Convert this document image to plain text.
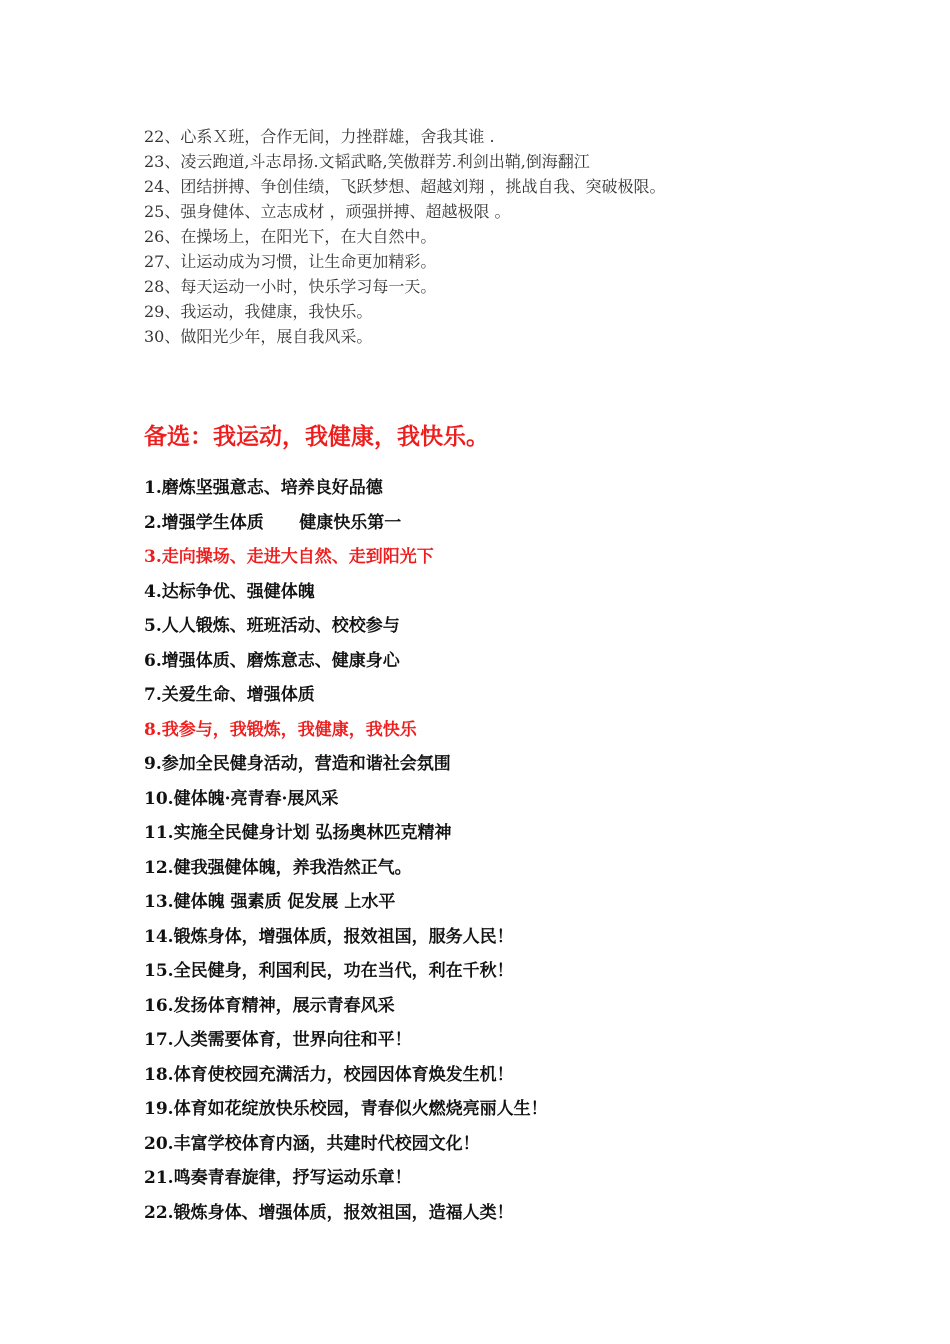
22、心系Ｘ班，合作无间，力挫群雄，舍我其谁 .
23、凌云跑道,斗志昂扬.文韬武略,笑傲群芳.利剑出鞘,倒海翻江
24、团结拼搏、争创佳绩，飞跃梦想、超越刘翔 ，挑战自我、突破极限。
25、强身健体、立志成材 ，顽强拼搏、超越极限 。
26、在操场上，在阳光下，在大自然中。
27、让运动成为习惯，让生命更加精彩。
28、每天运动一小时，快乐学习每一天。
29、我运动，我健康，我快乐。
30、做阳光少年，展自我风采。
备选：我运动，我健康，我快乐。
1.磨炼坚强意志、培养良好品德
2.增强学生体质      健康快乐第一
3.走向操场、走进大自然、走到阳光下
4.达标争优、强健体魄
5.人人锻炼、班班活动、校校参与
6.增强体质、磨炼意志、健康身心
7.关爱生命、增强体质
8.我参与，我锻炼，我健康，我快乐
9.参加全民健身活动，营造和谐社会氛围
10.健体魄·亮青春·展风采
11.实施全民健身计划 弘扬奥林匹克精神
12.健我强健体魄，养我浩然正气。
13.健体魄 强素质 促发展 上水平
14.锻炼身体，增强体质，报效祖国，服务人民！
15.全民健身，利国利民，功在当代，利在千秋！
16.发扬体育精神，展示青春风采
17.人类需要体育，世界向往和平！
18.体育使校园充满活力，校园因体育焕发生机！
19.体育如花绽放快乐校园，青春似火燃烧亮丽人生！
20.丰富学校体育内涵，共建时代校园文化！
21.鸣奏青春旋律，抒写运动乐章！
22.锻炼身体、增强体质，报效祖国，造福人类！
